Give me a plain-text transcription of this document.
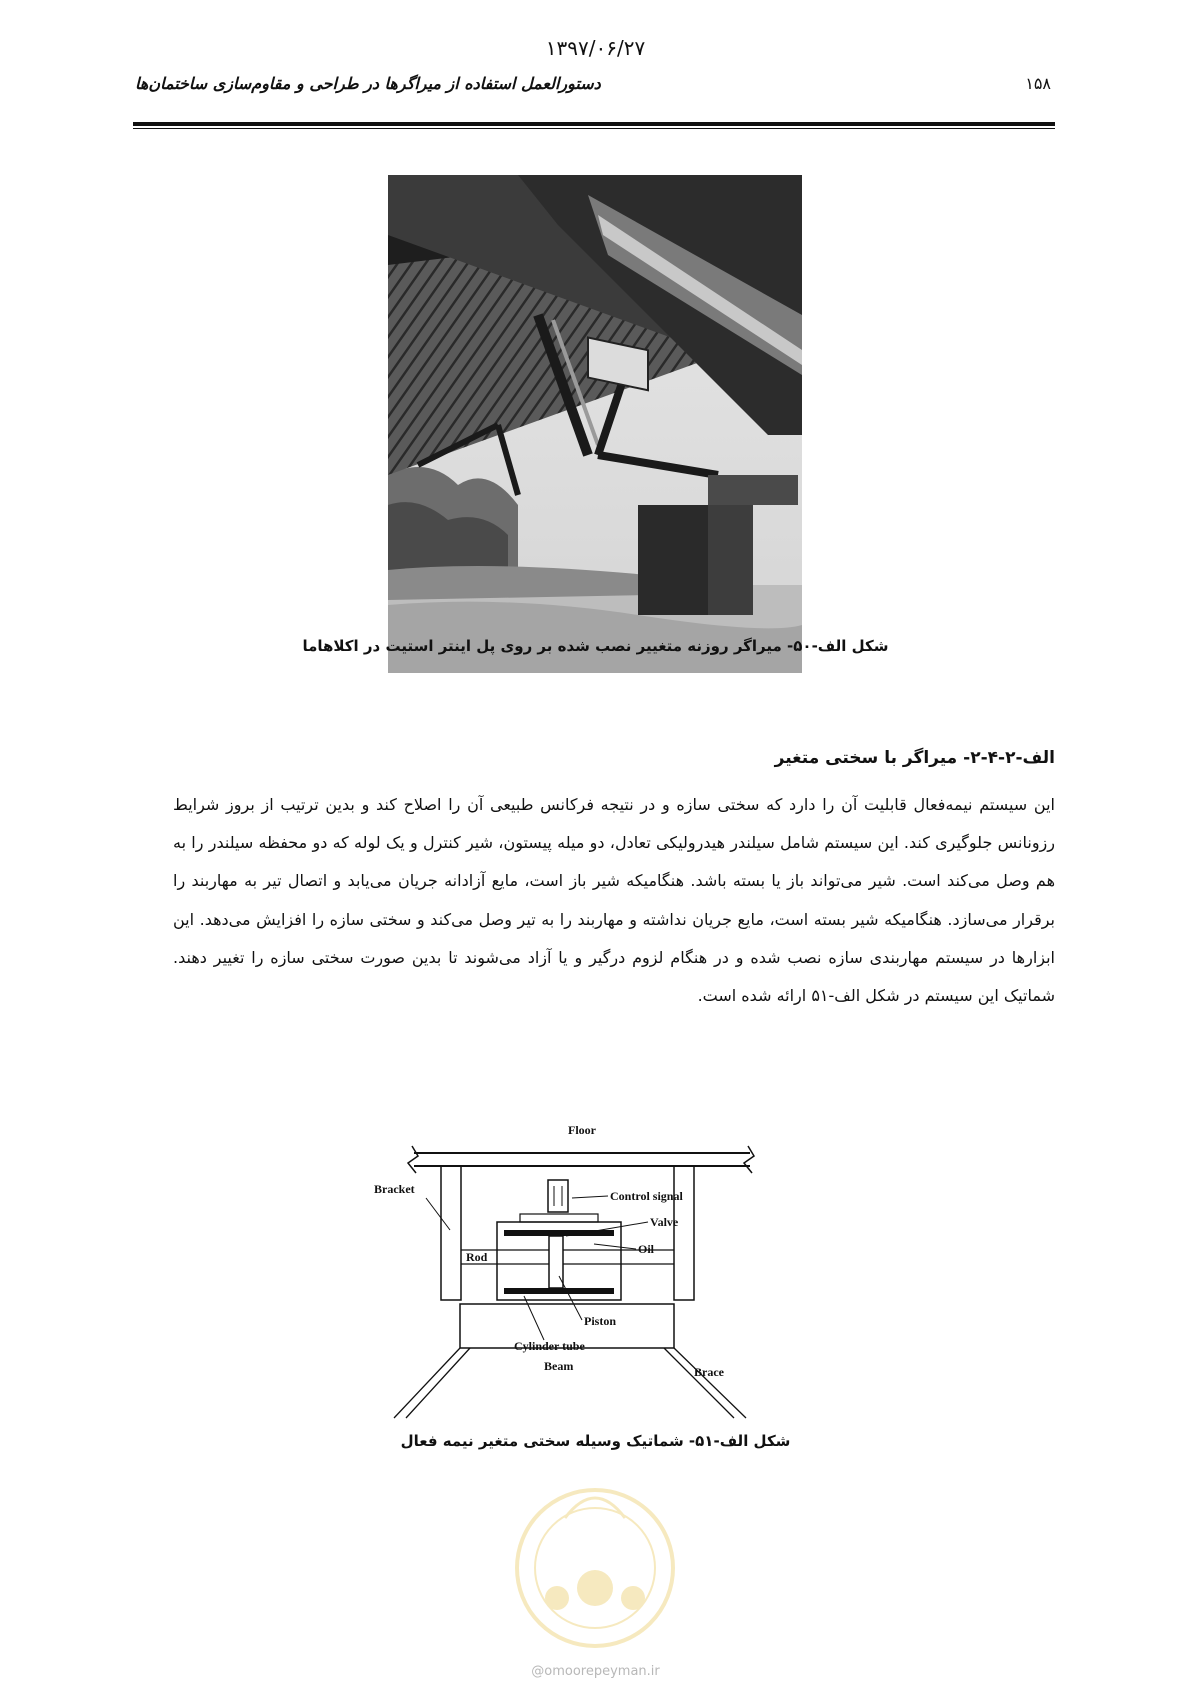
۱۳۹۷/۰۶/۲۷
دستورالعمل استفاده از میراگرها در طراحی و مقاوم‌سازی ساختمان‌ها	۱۵۸
شکل الف-۵۰- میراگر روزنه متغییر نصب شده بر روی پل اینتر استیت در اکلاهاما
الف-۲-۴-۲- میراگر با سختی متغیر
این سیستم نیمه‌فعال قابلیت آن را دارد که سختی سازه و در نتیجه فرکانس طبیعی آن را اصلاح کند و بدین ترتیب از بروز شرایط رزونانس جلوگیری کند. این سیستم شامل سیلندر هیدرولیکی تعادل، دو میله پیستون، شیر کنترل و یک لوله که دو محفظه سیلندر را به هم وصل می‌کند است. شیر می‌تواند باز یا بسته باشد. هنگامیکه شیر باز است، مایع آزادانه جریان می‌یابد و اتصال تیر به مهاربند را برقرار می‌سازد. هنگامیکه شیر بسته است، مایع جریان نداشته و مهاربند را به تیر وصل می‌کند و سختی سازه را افزایش می‌دهد. این ابزارها در سیستم مهاربندی سازه نصب شده و در هنگام لزوم درگیر و یا آزاد می‌شوند تا بدین صورت سختی سازه را تغییر دهند. شماتیک این سیستم در شکل الف-۵۱ ارائه شده است.
Floor
Bracket
Rod
Piston
Control signal
Valve
Oil
Cylinder tube
Beam	Brace
شکل الف-۵۱- شماتیک وسیله سختی متغیر نیمه فعال
@omoorepeyman.ir
